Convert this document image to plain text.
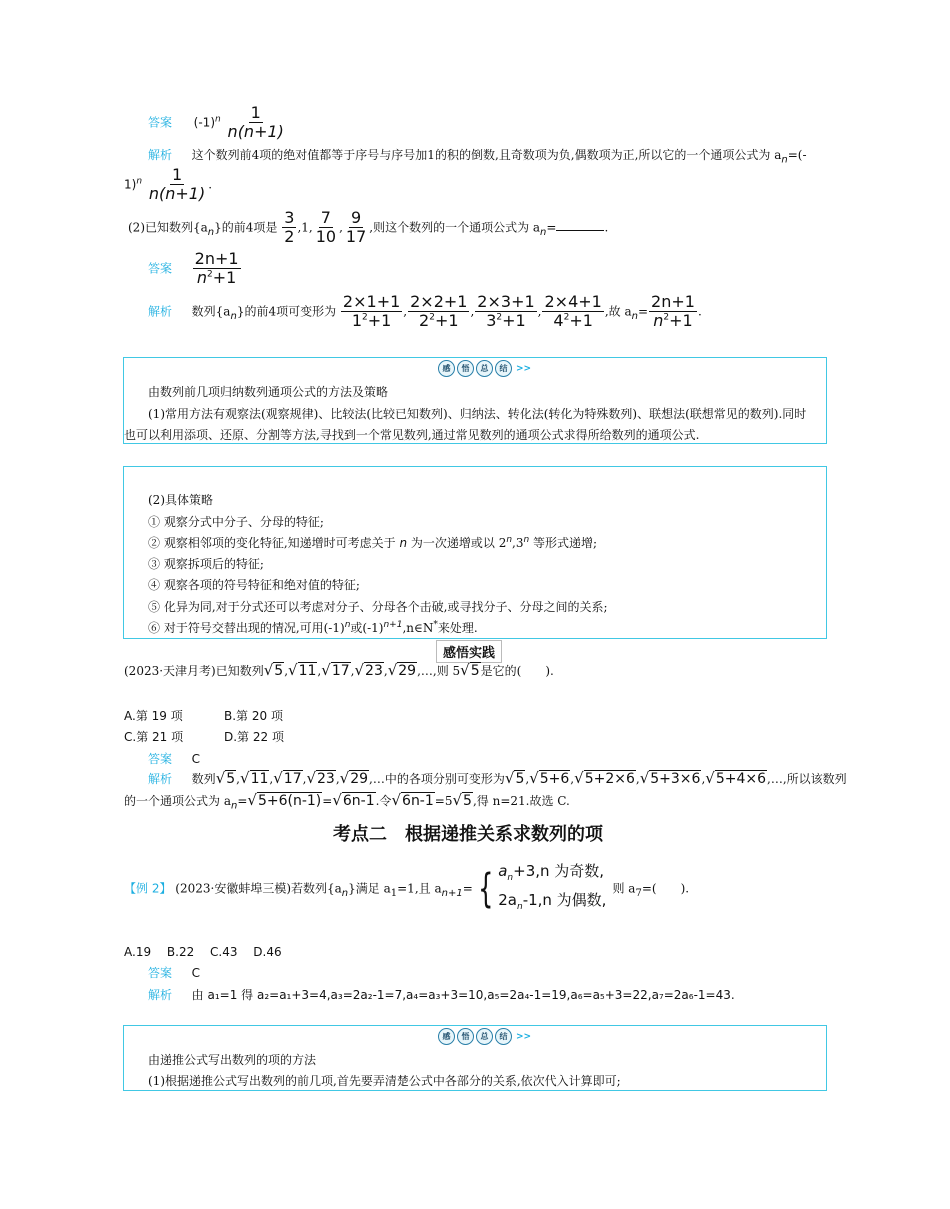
答案 $(-1)^n \frac{1}{n(n+1)}$
解析 这个数列前4项的绝对值都等于序号与序号加1的积的倒数,且奇数项为负,偶数项为正,所以它的一个通项公式为 $a_n=(-$
$1)^n \frac{1}{n(n+1)}$ .
(2)已知数列$\{a_n\}$的前4项是 $\frac{3}{2} ,1$, $\frac{7}{10}$ , $\frac{9}{17}$ ,则这个数列的一个通项公式为 $a_n=$	.
答案 $\frac{2n+1}{n^2+1}$
解析 数列$\{a_n\}$的前4项可变形为 $\frac{2\times 1+1}{1^2+1}$ , $\frac{2\times 2+1}{2^2+1}$ , $\frac{2\times 3+1}{3^2+1}$ , $\frac{2\times 4+1}{4^2+1}$ ,故 $a_n= \frac{2n+1}{n^2+1}$ .
感	悟	总	结 >>
由数列前几项归纳数列通项公式的方法及策略
(1)常用方法有观察法(观察规律)、比较法(比较已知数列)、归纳法、转化法(转化为特殊数列)、联想法(联想常见的数列).同时
也可以利用添项、还原、分割等方法,寻找到一个常见数列,通过常见数列的通项公式求得所给数列的通项公式.
(2)具体策略
① 观察分式中分子、分母的特征;
② 观察相邻项的变化特征,知递增时可考虑关于 n 为一次递增或以 2$^n$,3$^n$ 等形式递增;
③ 观察拆项后的特征;
④ 观察各项的符号特征和绝对值的特征;
⑤ 化异为同,对于分式还可以考虑对分子、分母各个击破,或寻找分子、分母之间的关系;
⑥ 对于符号交替出现的情况,可用$(-1)^n$或$(-1)^{n+1},n\in N^*$来处理.
感悟实践
(2023·天津月考)已知数列√5,√11,√17,√23,√29,…,则 5√5是它的(　　).
A.第 19 项	B.第 20 项
C.第 21 项	D.第 22 项
答案 C
解析 数列√5,√11,√17,√23,√29,…中的各项分别可变形为√5,√5+6,√5+2×6,√5+3×6,√5+4×6,…,所以该数列
的一个通项公式为 $a_n=√5+6(n-1)=√6n-1$.令√6n-1=5√5,得 n=21.故选 C.
考点二　根据递推关系求数列的项
【例 2】 (2023·安徽蚌埠三模)若数列$\{a_n\}$满足 $a_1=1$,且 $a_{n+1}=$ { $a_n+3,n$ 为奇数,
$2a_n-1,n$ 为偶数,
则 $a_7=$(　　).
A.19　 B.22　 C.43　 D.46
答案 C
解析 由 a₁=1 得 a₂=a₁+3=4,a₃=2a₂-1=7,a₄=a₃+3=10,a₅=2a₄-1=19,a₆=a₅+3=22,a₇=2a₆-1=43.
感	悟	总	结 >>
由递推公式写出数列的项的方法
(1)根据递推公式写出数列的前几项,首先要弄清楚公式中各部分的关系,依次代入计算即可;
